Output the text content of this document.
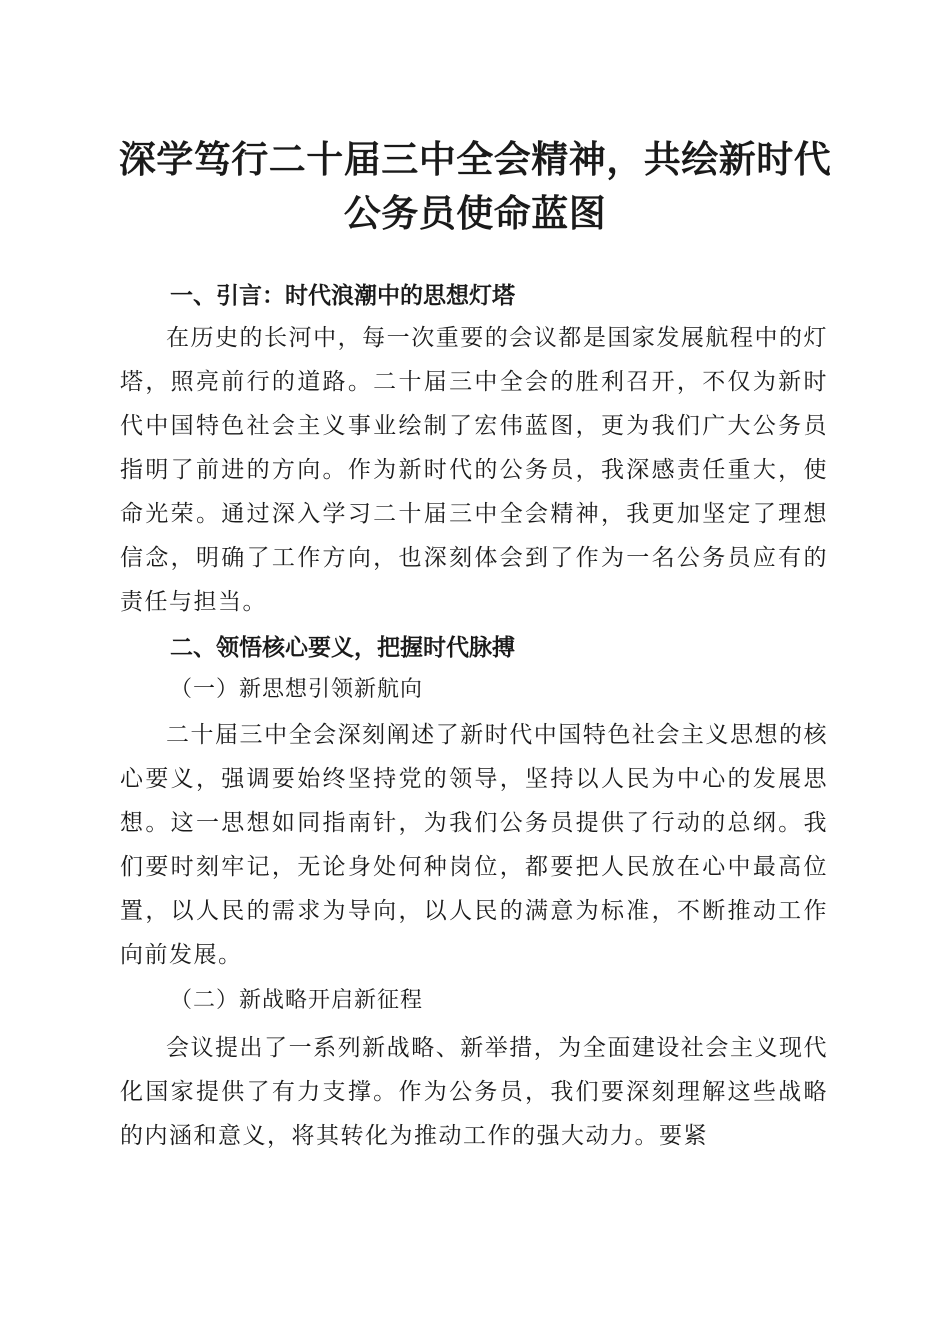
深学笃行二十届三中全会精神，共绘新时代公务员使命蓝图
一、引言：时代浪潮中的思想灯塔

在历史的长河中，每一次重要的会议都是国家发展航程中的灯塔，照亮前行的道路。二十届三中全会的胜利召开，不仅为新时代中国特色社会主义事业绘制了宏伟蓝图，更为我们广大公务员指明了前进的方向。作为新时代的公务员，我深感责任重大，使命光荣。通过深入学习二十届三中全会精神，我更加坚定了理想信念，明确了工作方向，也深刻体会到了作为一名公务员应有的责任与担当。

二、领悟核心要义，把握时代脉搏
（一）新思想引领新航向

二十届三中全会深刻阐述了新时代中国特色社会主义思想的核心要义，强调要始终坚持党的领导，坚持以人民为中心的发展思想。这一思想如同指南针，为我们公务员提供了行动的总纲。我们要时刻牢记，无论身处何种岗位，都要把人民放在心中最高位置，以人民的需求为导向，以人民的满意为标准，不断推动工作向前发展。

（二）新战略开启新征程

会议提出了一系列新战略、新举措，为全面建设社会主义现代化国家提供了有力支撑。作为公务员，我们要深刻理解这些战略的内涵和意义，将其转化为推动工作的强大动力。要紧
